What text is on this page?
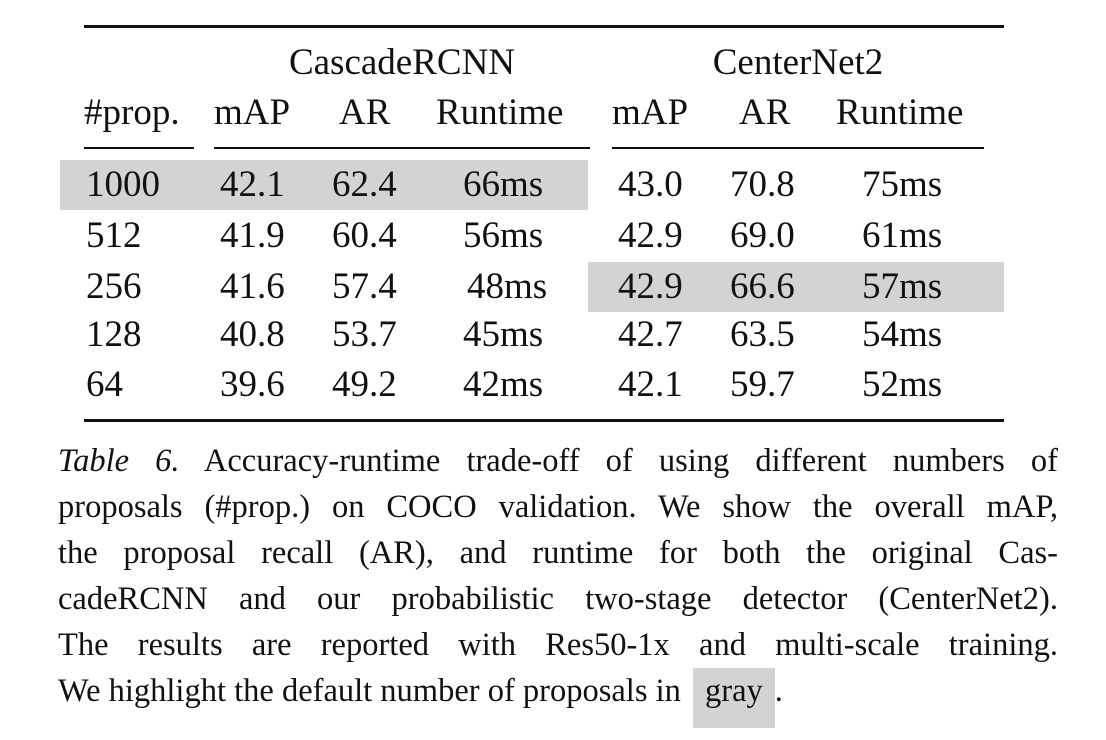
CascadeRCNN	CenterNet2
#prop. mAP AR Runtime mAP AR Runtime
1000 42.1 62.4 66ms 43.0 70.8 75ms
512 41.9 60.4 56ms 42.9 69.0 61ms
256 41.6 57.4 48ms 42.9 66.6 57ms
128 40.8 53.7 45ms 42.7 63.5 54ms
64	39.6 49.2 42ms 42.1 59.7 52ms
Table 6. Accuracy-runtime trade-off of using different numbers of
proposals (#prop.) on COCO validation. We show the overall mAP,
the proposal recall (AR), and runtime for both the original Cas-
cadeRCNN and our probabilistic two-stage detector (CenterNet2).
The results are reported with Res50-1x and multi-scale training.
We highlight the default number of proposals in gray .
